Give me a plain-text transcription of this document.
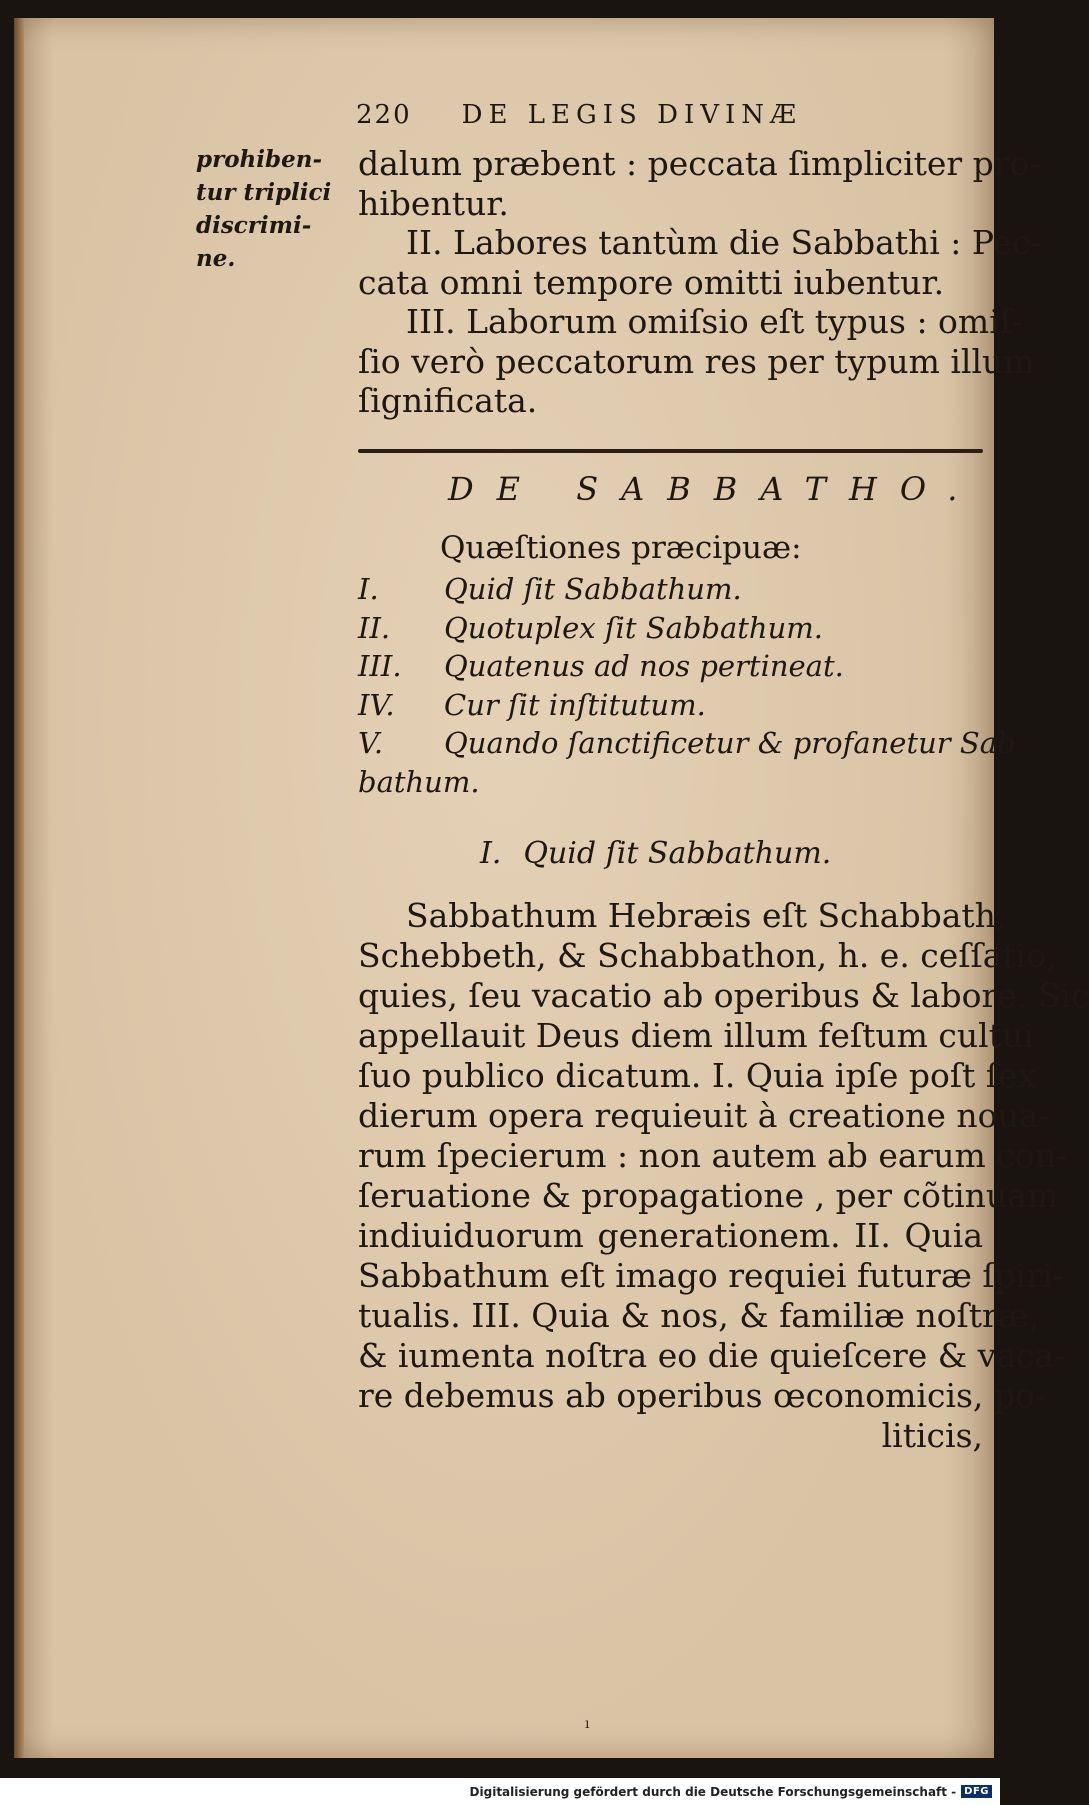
220 DE LEGIS DIVINÆ
prohiben-
tur triplici
discrimi-
ne.
dalum præbent : peccata ſimpliciter pro-
hibentur.
II. Labores tantùm die Sabbathi : Pec-
cata omni tempore omitti iubentur.
III. Laborum omiſsio eſt typus : omiſ-
ſio verò peccatorum res per typum illum
ſignificata.
DE SABBATHO.
Quæſtiones præcipuæ:
I.	Quid ſit Sabbathum.
II.	Quotuplex ſit Sabbathum.
III.	Quatenus ad nos pertineat.
IV.	Cur ſit inſtitutum.
V.	Quando ſanctificetur & profanetur Sab
bathum.
I. Quid ſit Sabbathum.
Sabbathum Hebræis eſt Schabbath,
Schebbeth, & Schabbathon, h. e. ceſſatio,
quies, ſeu vacatio ab operibus & labore. Sic
appellauit Deus diem illum feſtum cultui
ſuo publico dicatum. I. Quia ipſe poſt ſex
dierum opera requieuit à creatione noua-
rum ſpecierum : non autem ab earum con-
ſeruatione & propagatione , per cõtinuam
indiuiduorum generationem. II. Quia
Sabbathum eſt imago requiei futuræ ſpiri-
tualis. III. Quia & nos, & familiæ noſtræ,
& iumenta noſtra eo die quieſcere & vaca-
re debemus ab operibus œconomicis, po-
liticis,
ı
Digitalisierung gefördert durch die Deutsche Forschungsgemeinschaft - DFG
